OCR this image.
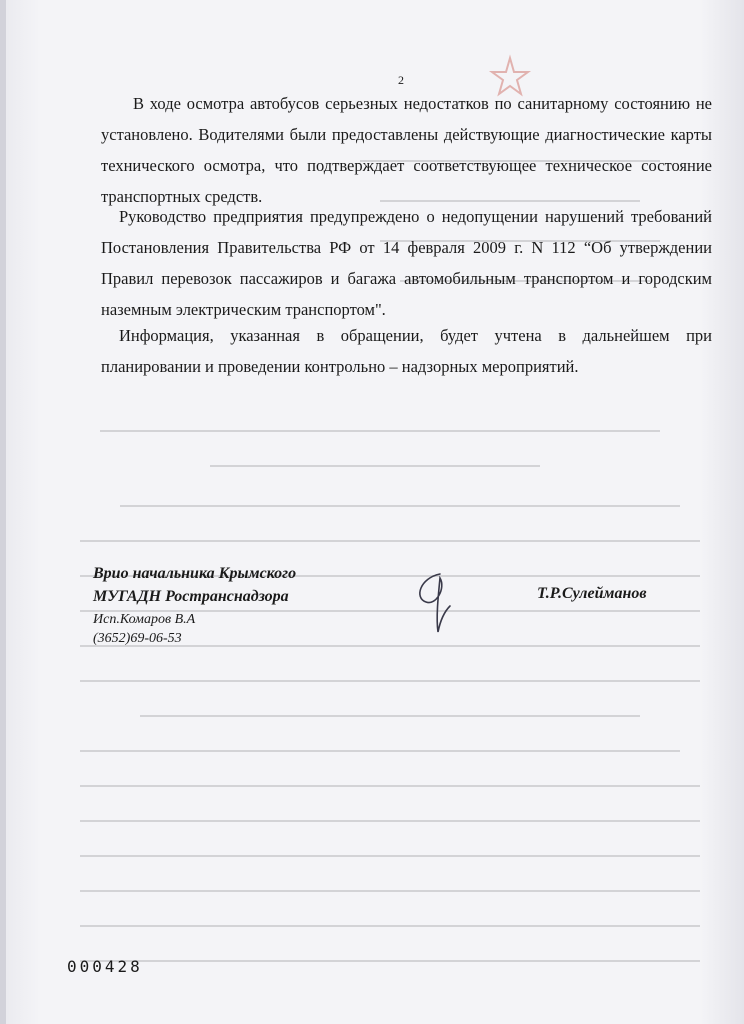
2
В ходе осмотра автобусов серьезных недостатков по санитарному состоянию не установлено. Водителями были предоставлены действующие диагностические карты технического осмотра, что подтверждает соответствующее техническое состояние транспортных средств.
Руководство предприятия предупреждено о недопущении нарушений требований Постановления Правительства РФ от 14 февраля 2009 г. N 112 “Об утверждении Правил перевозок пассажиров и багажа автомобильным транспортом и городским наземным электрическим транспортом".
Информация, указанная в обращении, будет учтена в дальнейшем при планировании и проведении контрольно – надзорных мероприятий.
Врио начальника Крымского
МУГАДН Ространснадзора	Т.Р.Сулейманов
Исп.Комаров В.А
(3652)69-06-53
000428
